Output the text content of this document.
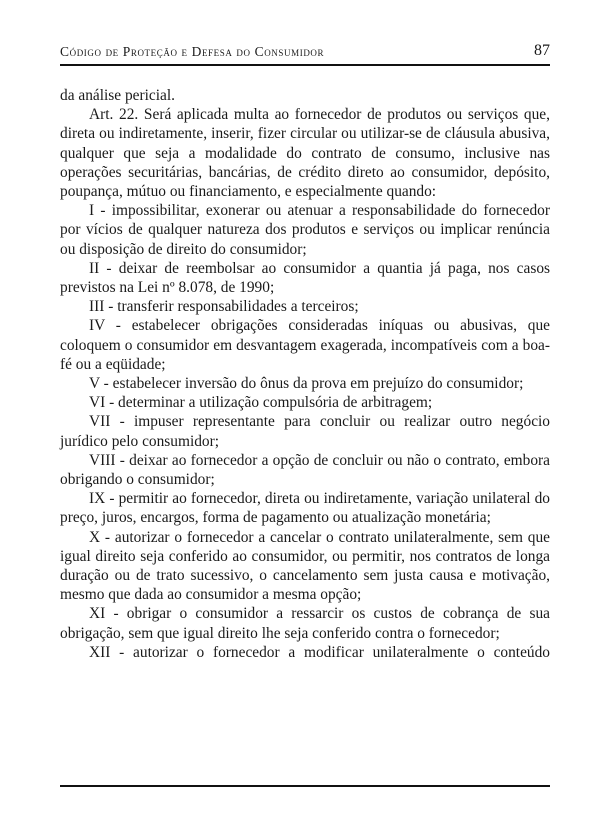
Código de Proteção e Defesa do Consumidor	87

da análise pericial.

Art. 22. Será aplicada multa ao fornecedor de produtos ou serviços que, direta ou indiretamente, inserir, fizer circular ou utilizar-se de cláusula abusiva, qualquer que seja a modalidade do contrato de consumo, inclusive nas operações securitárias, bancárias, de crédito direto ao consumidor, depósito, poupança, mútuo ou financiamento, e especialmente quando:

I - impossibilitar, exonerar ou atenuar a responsabilidade do fornecedor por vícios de qualquer natureza dos produtos e serviços ou implicar renúncia ou disposição de direito do consumidor;

II - deixar de reembolsar ao consumidor a quantia já paga, nos casos previstos na Lei nº 8.078, de 1990;

III - transferir responsabilidades a terceiros;

IV - estabelecer obrigações consideradas iníquas ou abusivas, que coloquem o consumidor em desvantagem exagerada, incompatíveis com a boa-fé ou a eqüidade;

V - estabelecer inversão do ônus da prova em prejuízo do consumidor;

VI - determinar a utilização compulsória de arbitragem;

VII - impuser representante para concluir ou realizar outro negócio jurídico pelo consumidor;

VIII - deixar ao fornecedor a opção de concluir ou não o contrato, embora obrigando o consumidor;

IX - permitir ao fornecedor, direta ou indiretamente, variação unilateral do preço, juros, encargos, forma de pagamento ou atualização monetária;

X - autorizar o fornecedor a cancelar o contrato unilateralmente, sem que igual direito seja conferido ao consumidor, ou permitir, nos contratos de longa duração ou de trato sucessivo, o cancelamento sem justa causa e motivação, mesmo que dada ao consumidor a mesma opção;

XI - obrigar o consumidor a ressarcir os custos de cobrança de sua obrigação, sem que igual direito lhe seja conferido contra o fornecedor;

XII - autorizar o fornecedor a modificar unilateralmente o conteúdo
